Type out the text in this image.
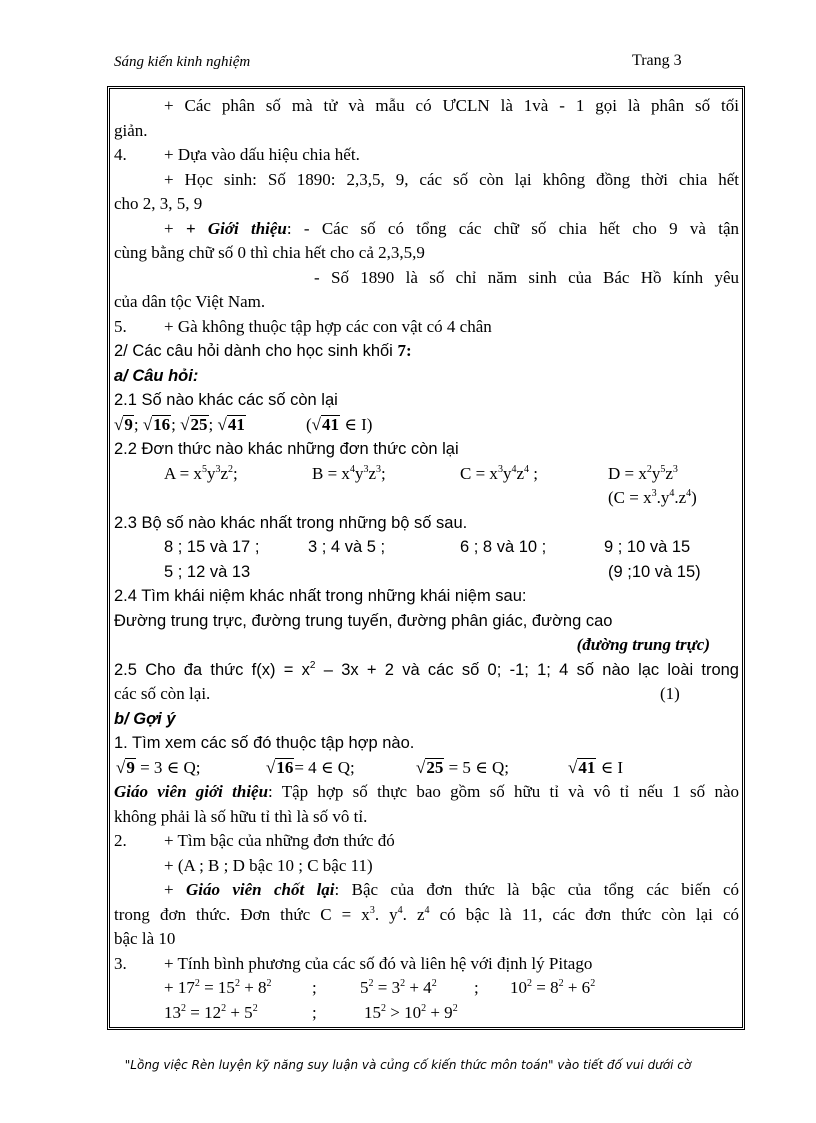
Sáng kiến kinh nghiệm	Trang 3
+ Các phân số mà tử và mẫu có ƯCLN là 1và - 1 gọi là phân số tối
giản.
4. + Dựa vào dấu hiệu chia hết.
+ Học sinh: Số 1890: 2,3,5, 9, các số còn lại không đồng thời chia hết
cho 2, 3, 5, 9
+ + Giới thiệu: - Các số có tổng các chữ số chia hết cho 9 và tận
cùng bằng chữ số 0 thì chia hết cho cả 2,3,5,9
- Số 1890 là số chỉ năm sinh của Bác Hồ kính yêu
của dân tộc Việt Nam.
5. + Gà không thuộc tập hợp các con vật có 4 chân
2/ Các câu hỏi dành cho học sinh khối 7:
a/ Câu hỏi:
2.1 Số nào khác các số còn lại
√9; √16; √25; √41	(√41 ∈ I)
2.2 Đơn thức nào khác những đơn thức còn lại
$A = x^5y^3z^2$;	$B = x^4y^3z^3$;	$C = x^3y^4z^4$ ;	$D = x^2y^5z^3$
$(C = x^3.y^4.z^4)$
2.3 Bộ số nào khác nhất trong những bộ số sau.
8 ; 15 và 17 ;	3 ; 4 và 5 ;	6 ; 8 và 10 ;	9 ; 10 và 15
5 ; 12 và 13	(9 ;10 và 15)
2.4 Tìm khái niệm khác nhất trong những khái niệm sau:
Đường trung trực, đường trung tuyến, đường phân giác, đường cao
(đường trung trực)
2.5 Cho đa thức $f(x) = x^2 - 3x + 2$ và các số 0; -1; 1; 4 số nào lạc loài trong
các số còn lại.	(1)
b/ Gợi ý
1. Tìm xem các số đó thuộc tập hợp nào.
√9 = 3 ∈ Q;	√16= 4 ∈ Q;	√25 = 5 ∈ Q;	√41 ∈ I
Giáo viên giới thiệu: Tập hợp số thực bao gồm số hữu tỉ và vô tỉ nếu 1 số nào
không phải là số hữu tỉ thì là số vô tỉ.
2. + Tìm bậc của những đơn thức đó
+ (A ; B ; D bậc 10 ; C bậc 11)
+ Giáo viên chốt lại: Bậc của đơn thức là bậc của tổng các biến có
trong đơn thức. Đơn thức $C = x^3$. $y^4$. $z^4$ có bậc là 11, các đơn thức còn lại có
bậc là 10
3. + Tính bình phương của các số đó và liên hệ với định lý Pitago
+ $17^2 = 15^2 + 8^2$ ;	$5^2 = 3^2 + 4^2$ ; $10^2 = 8^2 + 6^2$
$13^2 = 12^2 + 5^2$	;	$15^2 > 10^2 + 9^2$
"Lồng việc Rèn luyện kỹ năng suy luận và củng cố kiến thức môn toán" vào tiết đố vui dưới cờ
